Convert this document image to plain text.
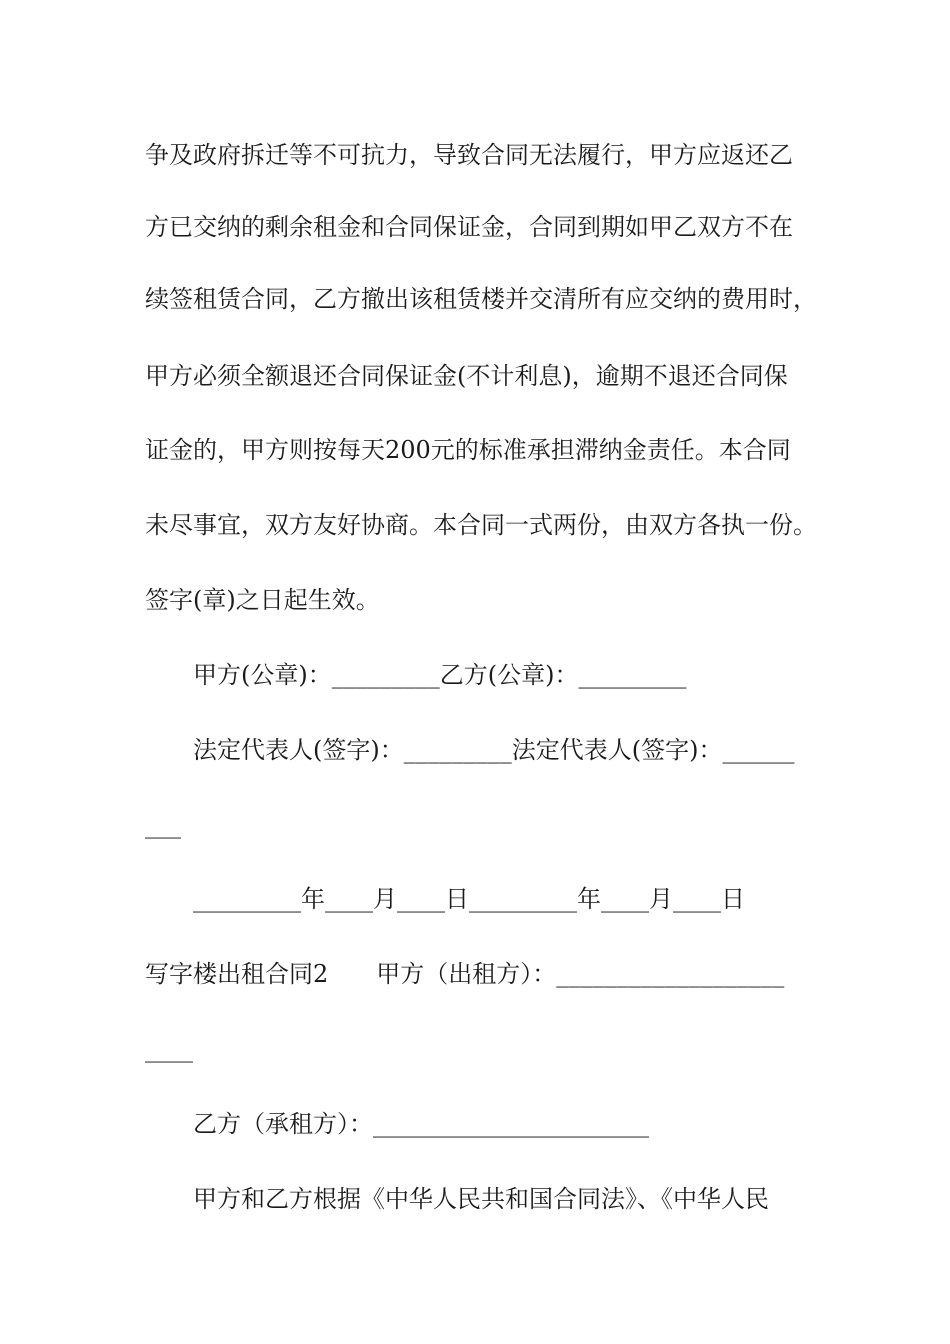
争及政府拆迁等不可抗力，导致合同无法履行，甲方应返还乙

方已交纳的剩余租金和合同保证金，合同到期如甲乙双方不在

续签租赁合同，乙方撤出该租赁楼并交清所有应交纳的费用时，

甲方必须全额退还合同保证金(不计利息)，逾期不退还合同保

证金的，甲方则按每天200元的标准承担滞纳金责任。本合同

未尽事宜，双方友好协商。本合同一式两份，由双方各执一份。

签字(章)之日起生效。

甲方(公章)：_________乙方(公章)：_________

法定代表人(签字)：_________法定代表人(签字)：______

___

_________年____月____日_________年____月____日

写字楼出租合同2　　甲方（出租方）：___________________

____

乙方（承租方）：_______________________

甲方和乙方根据《中华人民共和国合同法》、《中华人民
